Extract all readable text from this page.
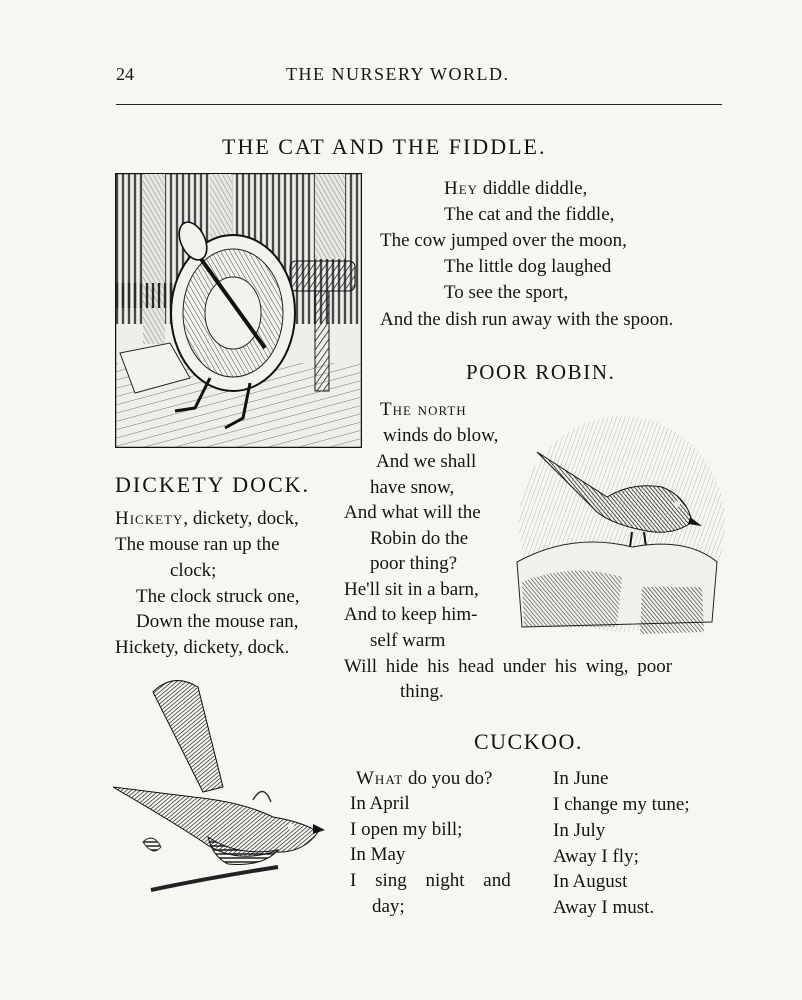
24	THE NURSERY WORLD.
THE CAT AND THE FIDDLE.
Hey diddle diddle,
The cat and the fiddle,
The cow jumped over the moon,
The little dog laughed
To see the sport,
And the dish run away with the spoon.
POOR ROBIN.
The north
winds do blow,
And we shall
have snow,
And what will the
Robin do the
poor thing?
He'll sit in a barn,
And to keep him-
self warm
Will hide his head under his wing, poor
thing.
DICKETY DOCK.
Hickety, dickety, dock,
The mouse ran up the
clock;
The clock struck one,
Down the mouse ran,
Hickety, dickety, dock.
CUCKOO.
What do you do?
In April
I open my bill;
In May
I sing night and
day;
In June
I change my tune;
In July
Away I fly;
In August
Away I must.
